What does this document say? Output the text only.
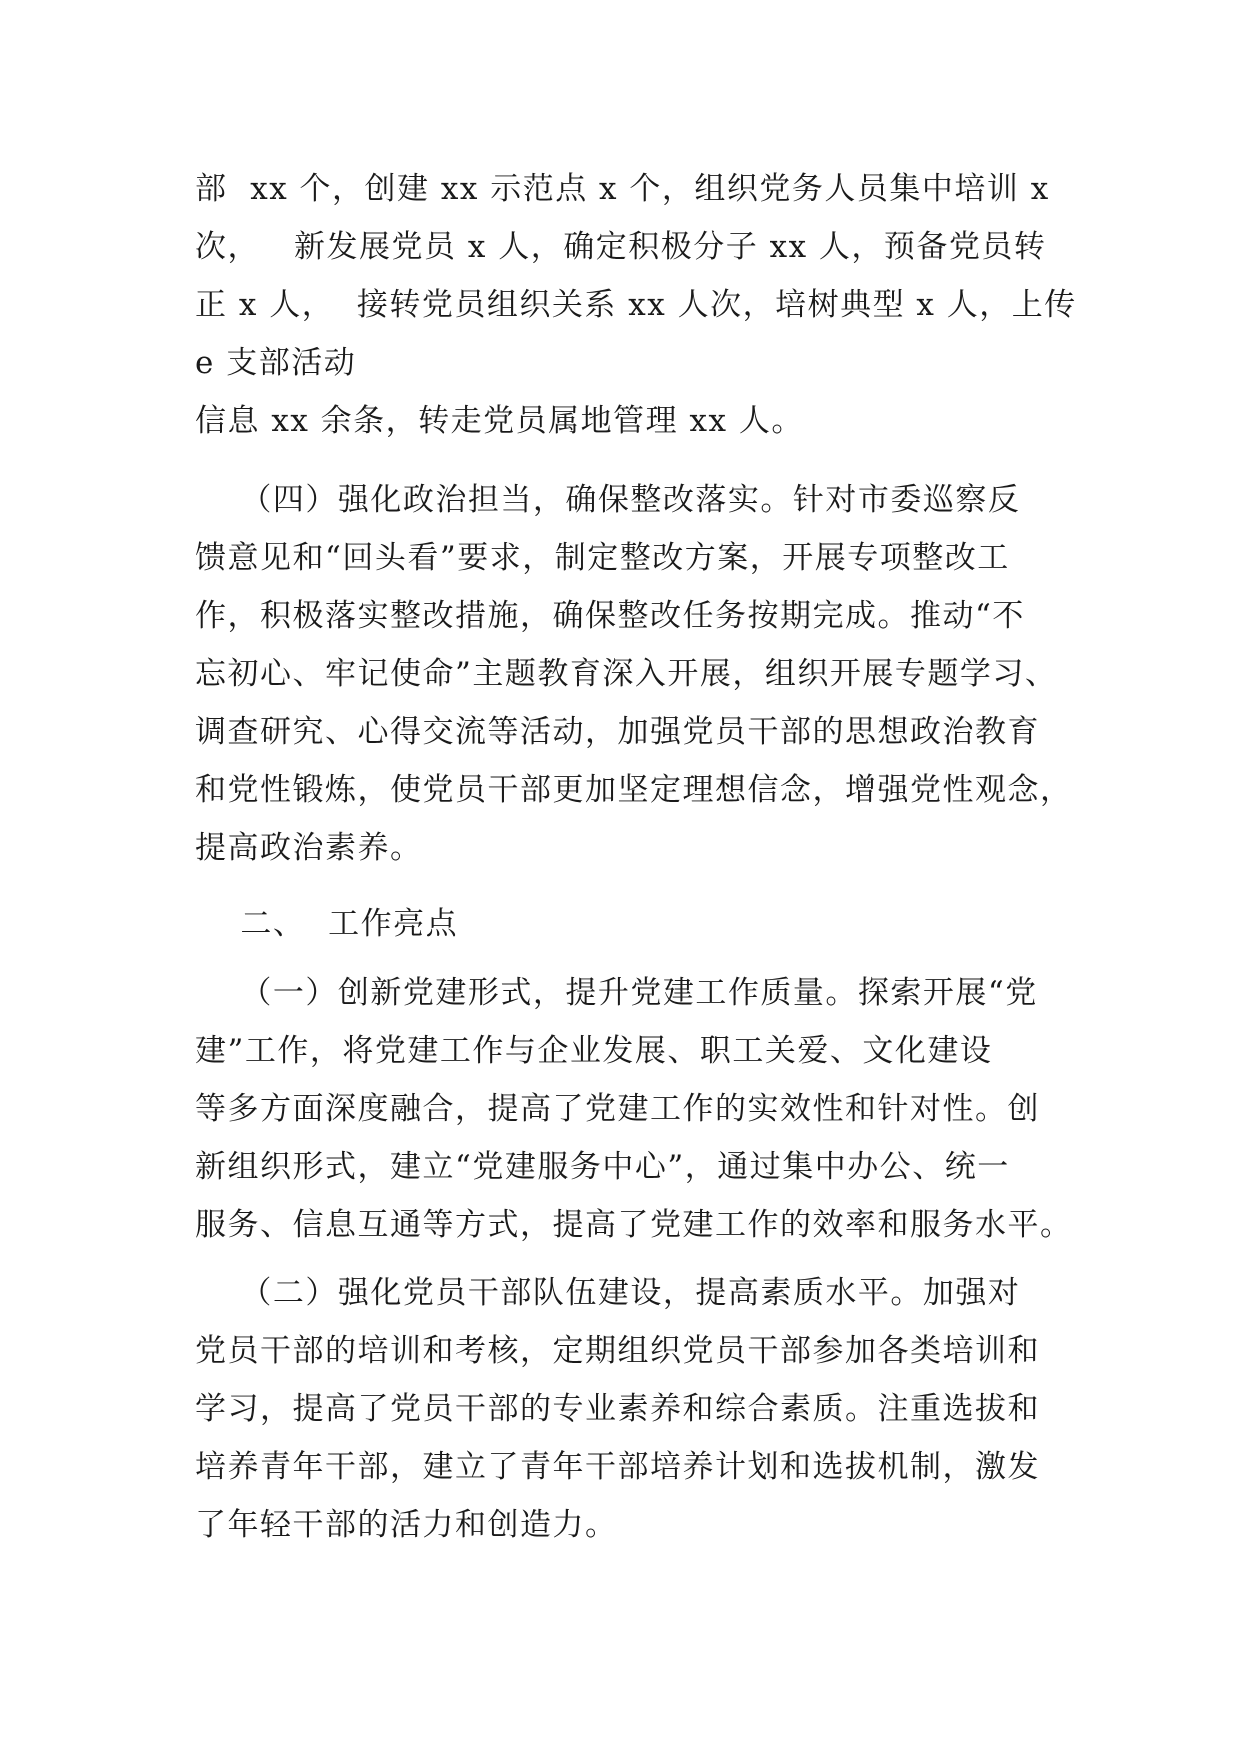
部  xx 个，创建 xx 示范点 x 个，组织党务人员集中培训 x
次，   新发展党员 x 人，确定积极分子 xx 人，预备党员转
正 x 人，  接转党员组织关系 xx 人次，培树典型 x 人，上传
e 支部活动
信息 xx 余条，转走党员属地管理 xx 人。
（四）强化政治担当，确保整改落实。针对市委巡察反
馈意见和“回头看”要求，制定整改方案，开展专项整改工
作，积极落实整改措施，确保整改任务按期完成。推动“不
忘初心、牢记使命”主题教育深入开展，组织开展专题学习、
调查研究、心得交流等活动，加强党员干部的思想政治教育
和党性锻炼，使党员干部更加坚定理想信念，增强党性观念，
提高政治素养。
二、  工作亮点
（一）创新党建形式，提升党建工作质量。探索开展“党
建”工作，将党建工作与企业发展、职工关爱、文化建设
等多方面深度融合，提高了党建工作的实效性和针对性。创
新组织形式，建立“党建服务中心”，通过集中办公、统一
服务、信息互通等方式，提高了党建工作的效率和服务水平。
（二）强化党员干部队伍建设，提高素质水平。加强对
党员干部的培训和考核，定期组织党员干部参加各类培训和
学习，提高了党员干部的专业素养和综合素质。注重选拔和
培养青年干部，建立了青年干部培养计划和选拔机制，激发
了年轻干部的活力和创造力。
